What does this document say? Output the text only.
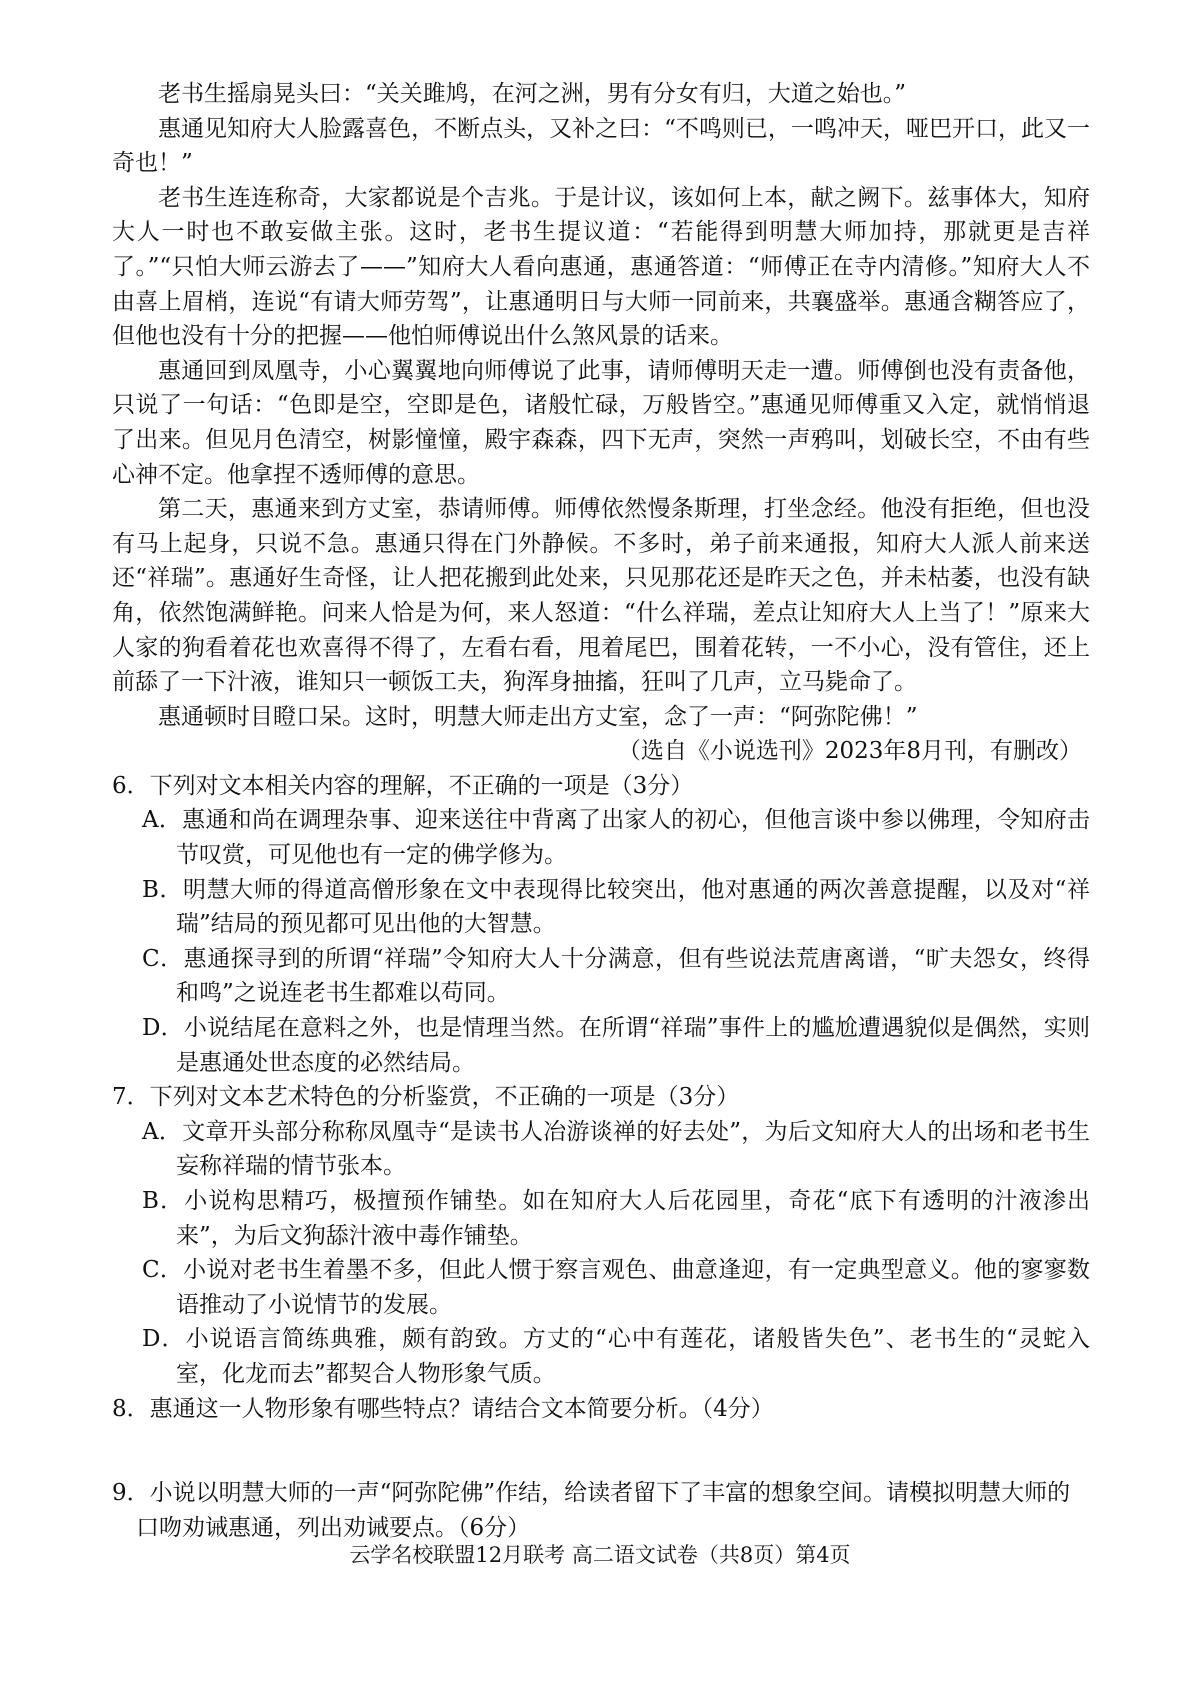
老书生摇扇晃头曰：“关关雎鸠，在河之洲，男有分女有归，大道之始也。”

惠通见知府大人脸露喜色，不断点头，又补之曰：“不鸣则已，一鸣冲天，哑巴开口，此又一奇也！”

老书生连连称奇，大家都说是个吉兆。于是计议，该如何上本，献之阙下。兹事体大，知府大人一时也不敢妄做主张。这时，老书生提议道：“若能得到明慧大师加持，那就更是吉祥了。”“只怕大师云游去了——”知府大人看向惠通，惠通答道：“师傅正在寺内清修。”知府大人不由喜上眉梢，连说“有请大师劳驾”，让惠通明日与大师一同前来，共襄盛举。惠通含糊答应了，但他也没有十分的把握——他怕师傅说出什么煞风景的话来。

惠通回到凤凰寺，小心翼翼地向师傅说了此事，请师傅明天走一遭。师傅倒也没有责备他，只说了一句话：“色即是空，空即是色，诸般忙碌，万般皆空。”惠通见师傅重又入定，就悄悄退了出来。但见月色清空，树影憧憧，殿宇森森，四下无声，突然一声鸦叫，划破长空，不由有些心神不定。他拿捏不透师傅的意思。

第二天，惠通来到方丈室，恭请师傅。师傅依然慢条斯理，打坐念经。他没有拒绝，但也没有马上起身，只说不急。惠通只得在门外静候。不多时，弟子前来通报，知府大人派人前来送还“祥瑞”。惠通好生奇怪，让人把花搬到此处来，只见那花还是昨天之色，并未枯萎，也没有缺角，依然饱满鲜艳。问来人恰是为何，来人怒道：“什么祥瑞，差点让知府大人上当了！”原来大人家的狗看着花也欢喜得不得了，左看右看，甩着尾巴，围着花转，一不小心，没有管住，还上前舔了一下汁液，谁知只一顿饭工夫，狗浑身抽搐，狂叫了几声，立马毙命了。

惠通顿时目瞪口呆。这时，明慧大师走出方丈室，念了一声：“阿弥陀佛！”

（选自《小说选刊》2023年8月刊，有删改）

6．下列对文本相关内容的理解，不正确的一项是（3分）

A．惠通和尚在调理杂事、迎来送往中背离了出家人的初心，但他言谈中参以佛理，令知府击节叹赏，可见他也有一定的佛学修为。

B．明慧大师的得道高僧形象在文中表现得比较突出，他对惠通的两次善意提醒，以及对“祥瑞”结局的预见都可见出他的大智慧。

C．惠通探寻到的所谓“祥瑞”令知府大人十分满意，但有些说法荒唐离谱，“旷夫怨女，终得和鸣”之说连老书生都难以苟同。

D．小说结尾在意料之外，也是情理当然。在所谓“祥瑞”事件上的尴尬遭遇貌似是偶然，实则是惠通处世态度的必然结局。

7．下列对文本艺术特色的分析鉴赏，不正确的一项是（3分）

A．文章开头部分称称凤凰寺“是读书人冶游谈禅的好去处”，为后文知府大人的出场和老书生妄称祥瑞的情节张本。

B．小说构思精巧，极擅预作铺垫。如在知府大人后花园里，奇花“底下有透明的汁液渗出来”，为后文狗舔汁液中毒作铺垫。

C．小说对老书生着墨不多，但此人惯于察言观色、曲意逢迎，有一定典型意义。他的寥寥数语推动了小说情节的发展。

D．小说语言简练典雅，颇有韵致。方丈的“心中有莲花，诸般皆失色”、老书生的“灵蛇入室，化龙而去”都契合人物形象气质。

8．惠通这一人物形象有哪些特点？请结合文本简要分析。（4分）

9．小说以明慧大师的一声“阿弥陀佛”作结，给读者留下了丰富的想象空间。请模拟明慧大师的口吻劝诫惠通，列出劝诫要点。（6分）

云学名校联盟12月联考 高二语文试卷（共8页）第4页
